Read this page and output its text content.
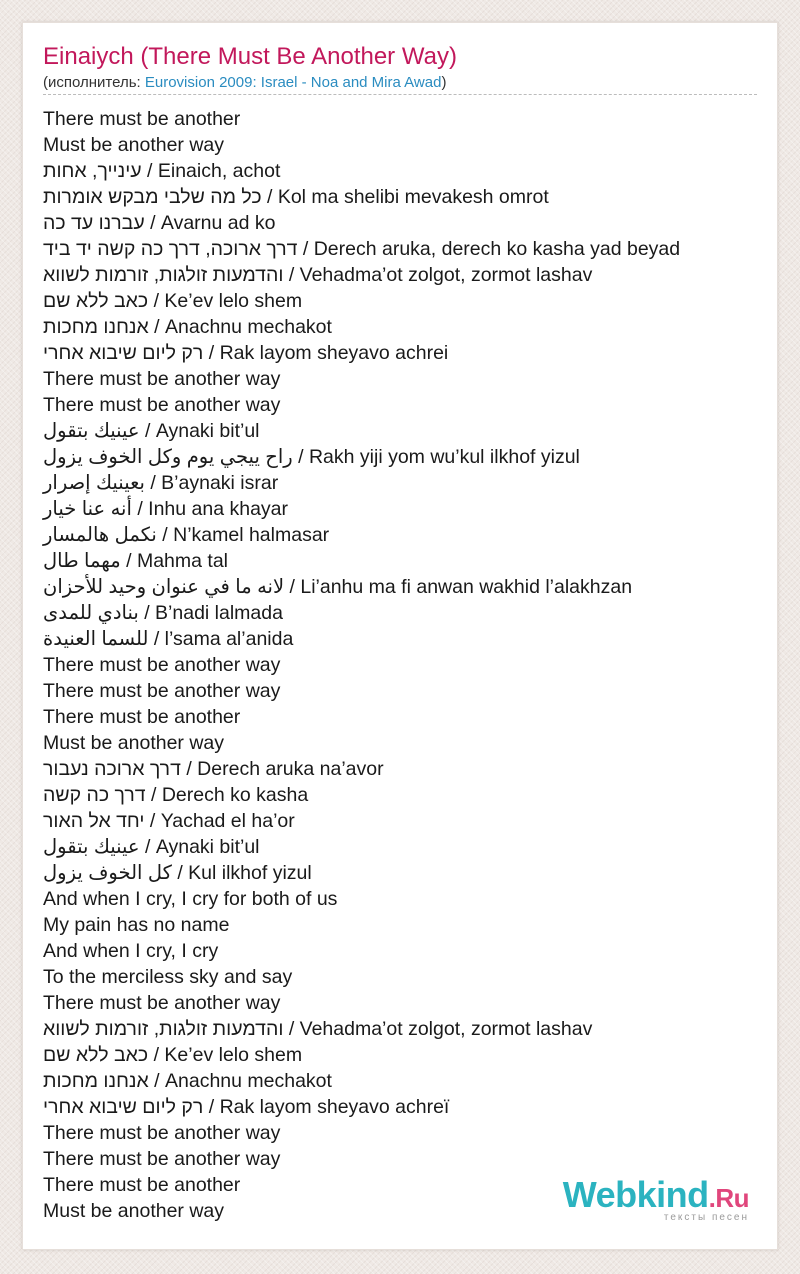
Einaiych (There Must Be Another Way)
(исполнитель: Eurovision 2009: Israel - Noa and Mira Awad)
There must be another
Must be another way
עינייך, אחות / Einaich, achot
כל מה שלבי מבקש אומרות / Kol ma shelibi mevakesh omrot
עברנו עד כה / Avarnu ad ko
דרך ארוכה, דרך כה קשה יד ביד / Derech aruka, derech ko kasha yad beyad
והדמעות זולגות, זורמות לשווא / Vehadma’ot zolgot, zormot lashav
כאב ללא שם / Ke’ev lelo shem
אנחנו מחכות / Anachnu mechakot
רק ליום שיבוא אחרי / Rak layom sheyavo achrei
There must be another way
There must be another way
عينيك بتقول / Aynaki bit’ul
راح ييجي يوم وكل الخوف يزول / Rakh yiji yom wu’kul ilkhof yizul
بعينيك إصرار / B’aynaki israr
أنه عنا خيار / Inhu ana khayar
نكمل هالمسار / N’kamel halmasar
مهما طال / Mahma tal
لانه ما في عنوان وحيد للأحزان / Li’anhu ma fi anwan wakhid l’alakhzan
بنادي للمدى / B’nadi lalmada
للسما العنيدة / l’sama al’anida
There must be another way
There must be another way
There must be another
Must be another way
דרך ארוכה נעבור / Derech aruka na’avor
דרך כה קשה / Derech ko kasha
יחד אל האור / Yachad el ha’or
عينيك بتقول / Aynaki bit’ul
كل الخوف يزول / Kul ilkhof yizul
And when I cry, I cry for both of us
My pain has no name
And when I cry, I cry
To the merciless sky and say
There must be another way
והדמעות זולגות, זורמות לשווא / Vehadma’ot zolgot, zormot lashav
כאב ללא שם / Ke’ev lelo shem
אנחנו מחכות / Anachnu mechakot
רק ליום שיבוא אחרי / Rak layom sheyavo achreï
There must be another way
There must be another way
There must be another
Must be another way	Webkind.Ru
тексты песен
